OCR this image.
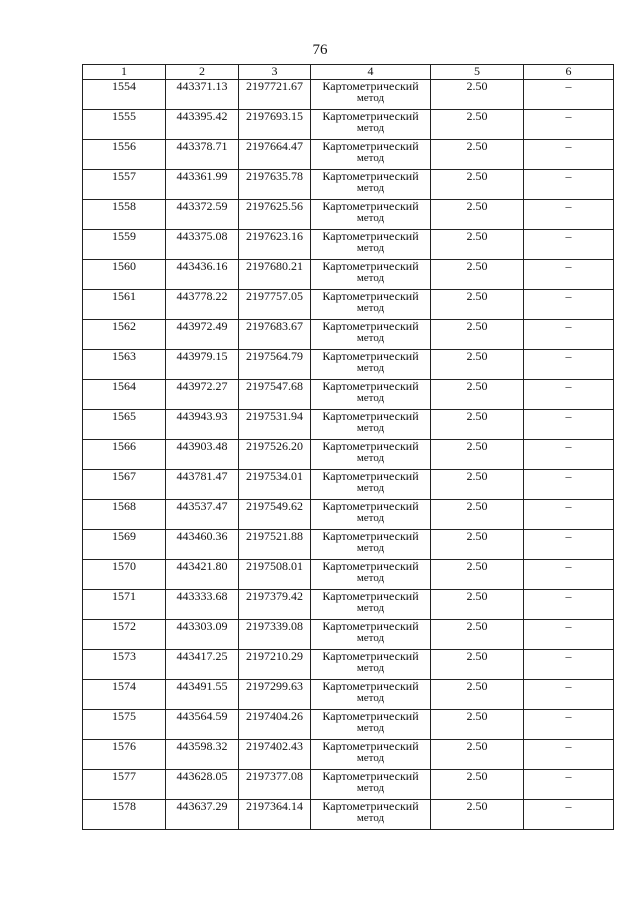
76
1	2	3	4	5	6
1554	443371.13	2197721.67	Картометрический
метод	2.50	–
1555	443395.42	2197693.15	Картометрический
метод	2.50	–
1556	443378.71	2197664.47	Картометрический
метод	2.50	–
1557	443361.99	2197635.78	Картометрический
метод	2.50	–
1558	443372.59	2197625.56	Картометрический
метод	2.50	–
1559	443375.08	2197623.16	Картометрический
метод	2.50	–
1560	443436.16	2197680.21	Картометрический
метод	2.50	–
1561	443778.22	2197757.05	Картометрический
метод	2.50	–
1562	443972.49	2197683.67	Картометрический
метод	2.50	–
1563	443979.15	2197564.79	Картометрический
метод	2.50	–
1564	443972.27	2197547.68	Картометрический
метод	2.50	–
1565	443943.93	2197531.94	Картометрический
метод	2.50	–
1566	443903.48	2197526.20	Картометрический
метод	2.50	–
1567	443781.47	2197534.01	Картометрический
метод	2.50	–
1568	443537.47	2197549.62	Картометрический
метод	2.50	–
1569	443460.36	2197521.88	Картометрический
метод	2.50	–
1570	443421.80	2197508.01	Картометрический
метод	2.50	–
1571	443333.68	2197379.42	Картометрический
метод	2.50	–
1572	443303.09	2197339.08	Картометрический
метод	2.50	–
1573	443417.25	2197210.29	Картометрический
метод	2.50	–
1574	443491.55	2197299.63	Картометрический
метод	2.50	–
1575	443564.59	2197404.26	Картометрический
метод	2.50	–
1576	443598.32	2197402.43	Картометрический
метод	2.50	–
1577	443628.05	2197377.08	Картометрический
метод	2.50	–
1578	443637.29	2197364.14	Картометрический
метод	2.50	–
